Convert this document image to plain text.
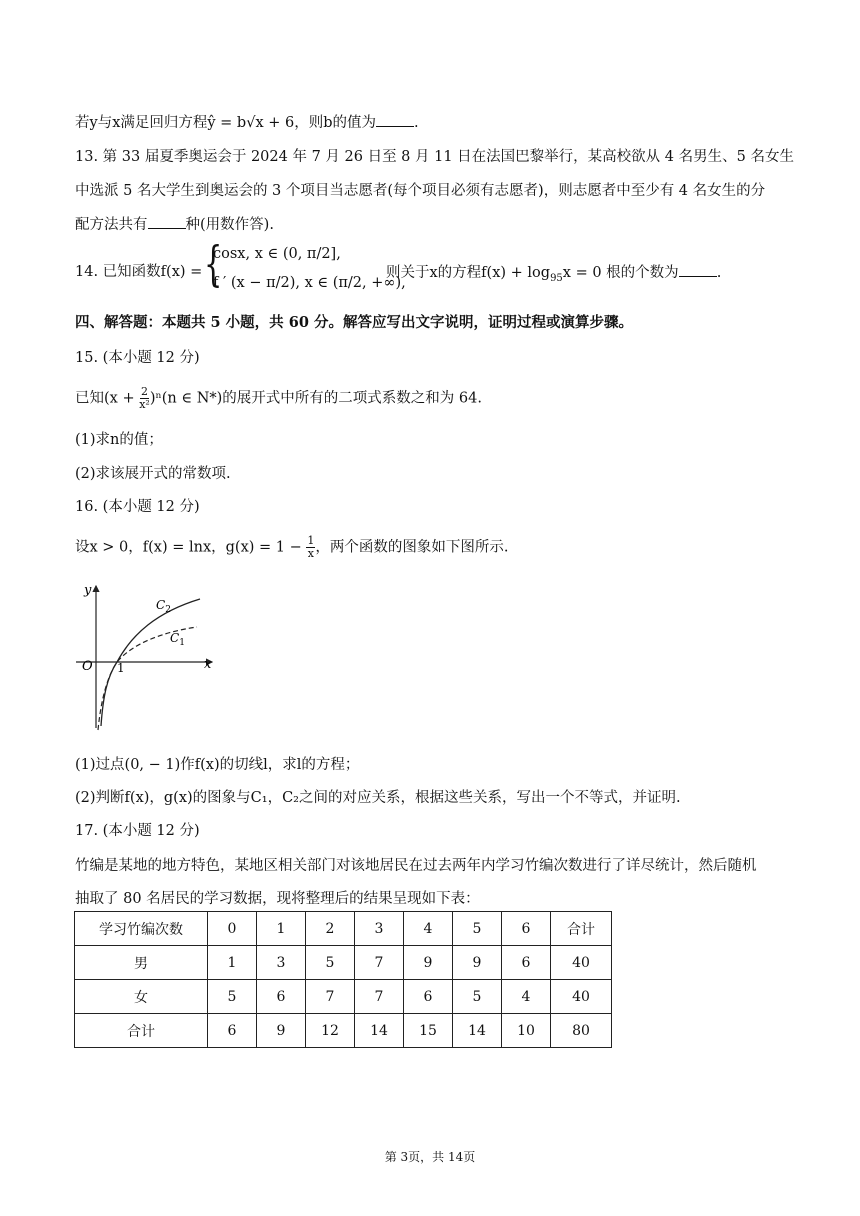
若y与x满足回归方程ŷ = b√x + 6，则b的值为	.
13. 第 33 届夏季奥运会于 2024 年 7 月 26 日至 8 月 11 日在法国巴黎举行，某高校欲从 4 名男生、5 名女生
中选派 5 名大学生到奥运会的 3 个项目当志愿者(每个项目必须有志愿者)，则志愿者中至少有 4 名女生的分
配方法共有	种(用数作答).
14. 已知函数f(x) = {
cosx, x ∈ (0, π/2],
f ′ (x − π/2), x ∈ (π/2, +∞),
则关于x的方程$f(x) + \log_{95}x = 0$ 根的个数为	.
四、解答题：本题共 5 小题，共 60 分。解答应写出文字说明，证明过程或演算步骤。
15. (本小题 12 分)
已知$(x + \frac{2}{\text{x²}} )^n(n$ ∈ N*)的展开式中所有的二项式系数之和为 64.
(1)求n的值；
(2)求该展开式的常数项.
16. (本小题 12 分)
设x > 0，f(x) = lnx，$g(x) = 1 - \frac{1}{x}$ ，两个函数的图象如下图所示.
y
x
O 1
$C_2$
$C_1$
(1)过点(0, − 1)作f(x)的切线l，求l的方程；
(2)判断f(x)，g(x)的图象与C₁，C₂之间的对应关系，根据这些关系，写出一个不等式，并证明.
17. (本小题 12 分)
竹编是某地的地方特色，某地区相关部门对该地居民在过去两年内学习竹编次数进行了详尽统计，然后随机
抽取了 80 名居民的学习数据，现将整理后的结果呈现如下表：
学习竹编次数	0	1	2	3	4	5	6	合计
男	1	3	5	7	9	9	6	40
女	5	6	7	7	6	5	4	40
合计	6	9	12	14	15	14	10	80
第 3页，共 14页
